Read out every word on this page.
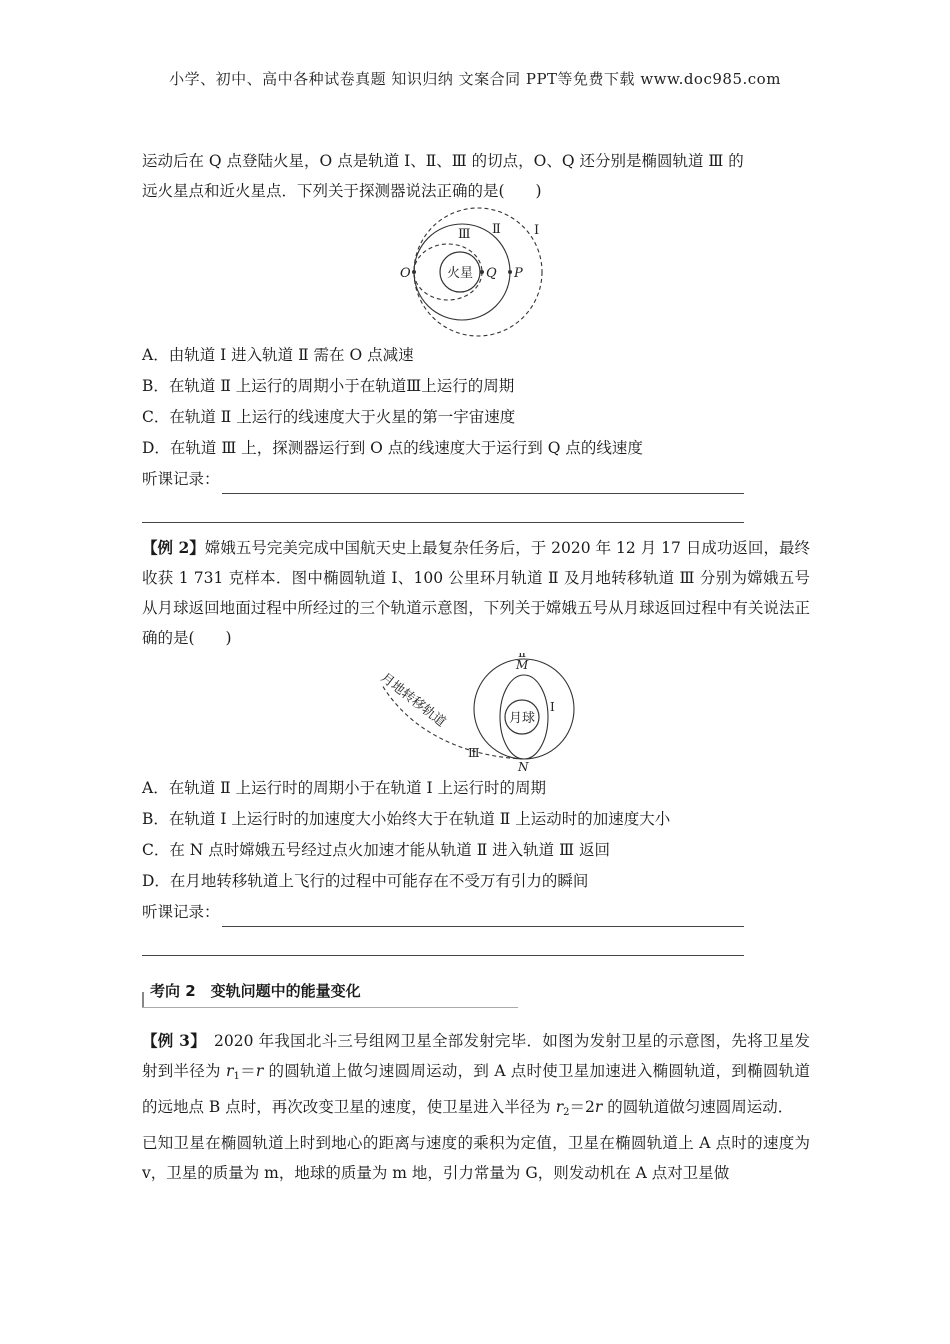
小学、初中、高中各种试卷真题 知识归纳 文案合同 PPT等免费下载 www.doc985.com

运动后在 Q 点登陆火星，O 点是轨道 Ⅰ、Ⅱ、Ⅲ 的切点，O、Q 还分别是椭圆轨道 Ⅲ 的

远火星点和近火星点．下列关于探测器说法正确的是(　　)

火星
O	Q P
Ⅰ
Ⅱ
Ⅲ

A．由轨道 Ⅰ 进入轨道 Ⅱ 需在 O 点减速

B．在轨道 Ⅱ 上运行的周期小于在轨道Ⅲ上运行的周期

C．在轨道 Ⅱ 上运行的线速度大于火星的第一宇宙速度

D．在轨道 Ⅲ 上，探测器运行到 O 点的线速度大于运行到 Q 点的线速度

听课记录：

【例 2】嫦娥五号完美完成中国航天史上最复杂任务后，于 2020 年 12 月 17 日成功返回，最终收获 1 731 克样本．图中椭圆轨道 Ⅰ、100 公里环月轨道 Ⅱ 及月地转移轨道 Ⅲ 分别为嫦娥五号从月球返回地面过程中所经过的三个轨道示意图，下列关于嫦娥五号从月球返回过程中有关说法正确的是(　　)

月球
月地转移轨道
M
N
Ⅱ
Ⅰ
Ⅲ

A．在轨道 Ⅱ 上运行时的周期小于在轨道 Ⅰ 上运行时的周期

B．在轨道 Ⅰ 上运行时的加速度大小始终大于在轨道 Ⅱ 上运动时的加速度大小

C．在 N 点时嫦娥五号经过点火加速才能从轨道 Ⅱ 进入轨道 Ⅲ 返回

D．在月地转移轨道上飞行的过程中可能存在不受万有引力的瞬间

听课记录：
考向 2　变轨问题中的能量变化

【例 3】　 2020 年我国北斗三号组网卫星全部发射完毕．如图为发射卫星的示意图，先将卫星发射到半径为 $r_1=r$ 的圆轨道上做匀速圆周运动，到 A 点时使卫星加速进入椭圆轨道，到椭圆轨道的远地点 B 点时，再次改变卫星的速度，使卫星进入半径为 $r_2=2r$ 的圆轨道做匀速圆周运动．

已知卫星在椭圆轨道上时到地心的距离与速度的乘积为定值，卫星在椭圆轨道上 A 点时的速度为 v，卫星的质量为 m，地球的质量为 m 地，引力常量为 G，则发动机在 A 点对卫星做
